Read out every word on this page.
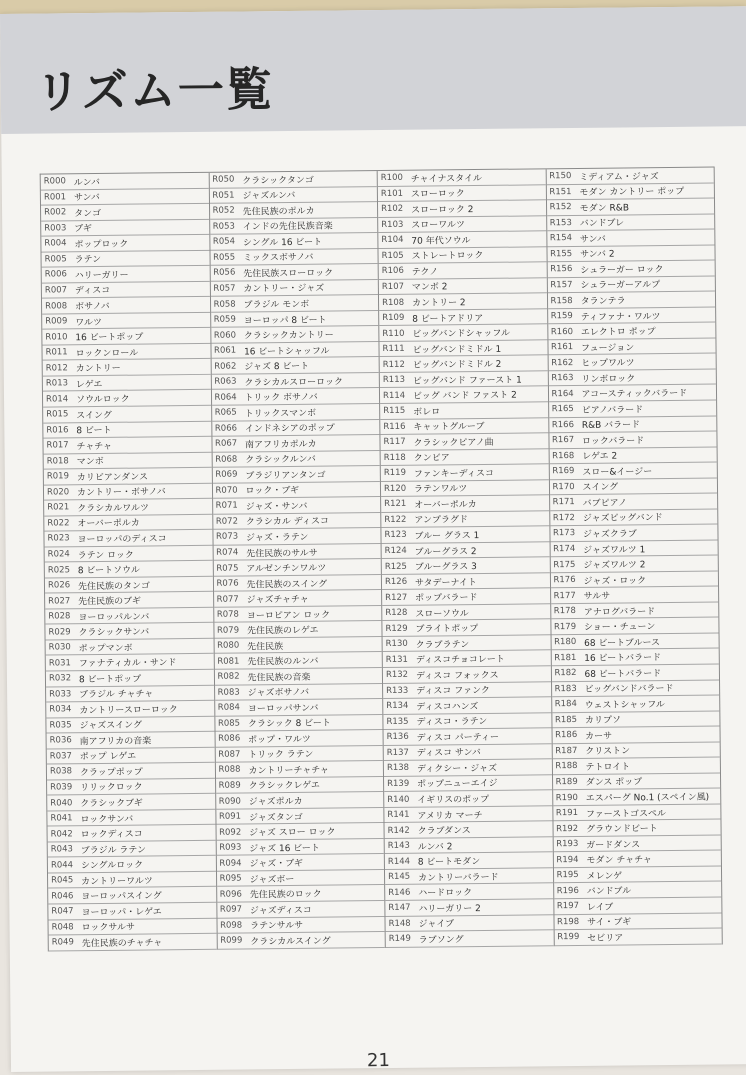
リズム一覧
R000 ルンバ
R001 サンバ
R002 タンゴ
R003 ブギ
R004 ポップロック
R005 ラテン
R006 ハリーガリー
R007 ディスコ
R008 ボサノバ
R009 ワルツ
R010 16 ビートポップ
R011 ロックンロール
R012 カントリー
R013 レゲエ
R014 ソウルロック
R015 スイング
R016 8 ビート
R017 チャチャ
R018 マンボ
R019 カリビアンダンス
R020 カントリー・ボサノバ
R021 クラシカルワルツ
R022 オーバーポルカ
R023 ヨーロッパのディスコ
R024 ラテン ロック
R025 8 ビートソウル
R026 先住民族のタンゴ
R027 先住民族のブギ
R028 ヨーロッパルンバ
R029 クラシックサンバ
R030 ポップマンボ
R031 ファナティカル・サンド
R032 8 ビートポップ
R033 ブラジル チャチャ
R034 カントリースローロック
R035 ジャズスイング
R036 南アフリカの音楽
R037 ポップ レゲエ
R038 クラップポップ
R039 リリックロック
R040 クラシックブギ
R041 ロックサンバ
R042 ロックディスコ
R043 ブラジル ラテン
R044 シングルロック
R045 カントリーワルツ
R046 ヨーロッパスイング
R047 ヨーロッパ・レゲエ
R048 ロックサルサ
R049 先住民族のチャチャ
R050 クラシックタンゴ
R051 ジャズルンバ
R052 先住民族のポルカ
R053 インドの先住民族音楽
R054 シングル 16 ビート
R055 ミックスボサノバ
R056 先住民族スローロック
R057 カントリー・ジャズ
R058 ブラジル モンボ
R059 ヨーロッパ 8 ビート
R060 クラシックカントリー
R061 16 ビートシャッフル
R062 ジャズ 8 ビート
R063 クラシカルスローロック
R064 トリック ボサノバ
R065 トリックスマンボ
R066 インドネシアのポップ
R067 南アフリカポルカ
R068 クラシックルンバ
R069 ブラジリアンタンゴ
R070 ロック・ブギ
R071 ジャズ・サンバ
R072 クラシカル ディスコ
R073 ジャズ・ラテン
R074 先住民族のサルサ
R075 アルゼンチンワルツ
R076 先住民族のスイング
R077 ジャズチャチャ
R078 ヨーロピアン ロック
R079 先住民族のレゲエ
R080 先住民族
R081 先住民族のルンバ
R082 先住民族の音楽
R083 ジャズボサノバ
R084 ヨーロッパサンバ
R085 クラシック 8 ビート
R086 ポップ・ワルツ
R087 トリック ラテン
R088 カントリーチャチャ
R089 クラシックレゲエ
R090 ジャズポルカ
R091 ジャズタンゴ
R092 ジャズ スロー ロック
R093 ジャズ 16 ビート
R094 ジャズ・ブギ
R095 ジャズボー
R096 先住民族のロック
R097 ジャズディスコ
R098 ラテンサルサ
R099 クラシカルスイング
R100 チャイナスタイル
R101 スローロック
R102 スローロック 2
R103 スローワルツ
R104 70 年代ソウル
R105 ストレートロック
R106 テクノ
R107 マンボ 2
R108 カントリー 2
R109 8 ビートアドリア
R110 ビッグバンドシャッフル
R111 ビッグバンドミドル 1
R112 ビッグバンドミドル 2
R113 ビッグバンド ファースト 1
R114 ビッグ バンド ファスト 2
R115 ボレロ
R116 キャットグルーブ
R117 クラシックピアノ曲
R118 クンビア
R119 ファンキーディスコ
R120 ラテンワルツ
R121 オーバーポルカ
R122 アンプラグド
R123 ブルー グラス 1
R124 ブルーグラス 2
R125 ブルーグラス 3
R126 サタデーナイト
R127 ポップバラード
R128 スローソウル
R129 ブライトポップ
R130 クラブラテン
R131 ディスコチョコレート
R132 ディスコ フォックス
R133 ディスコ ファンク
R134 ディスコハンズ
R135 ディスコ・ラテン
R136 ディスコ パーティー
R137 ディスコ サンバ
R138 ディクシー・ジャズ
R139 ポップニューエイジ
R140 イギリスのポップ
R141 アメリカ マーチ
R142 クラブダンス
R143 ルンバ 2
R144 8 ビートモダン
R145 カントリーバラード
R146 ハードロック
R147 ハリーガリー 2
R148 ジャイブ
R149 ラブソング
R150 ミディアム・ジャズ
R151 モダン カントリー ポップ
R152 モダン R&B
R153 バンドブレ
R154 サンバ
R155 サンバ 2
R156 シュラーガー ロック
R157 シュラーガーアルプ
R158 タランテラ
R159 ティファナ・ワルツ
R160 エレクトロ ポップ
R161 フュージョン
R162 ヒップワルツ
R163 リンボロック
R164 アコースティックバラード
R165 ピアノバラード
R166 R&B バラード
R167 ロックバラード
R168 レゲエ 2
R169 スロー&イージー
R170 スイング
R171 バブピアノ
R172 ジャズビッグバンド
R173 ジャズクラブ
R174 ジャズワルツ 1
R175 ジャズワルツ 2
R176 ジャズ・ロック
R177 サルサ
R178 アナログバラード
R179 ショー・チューン
R180 68 ビートブルース
R181 16 ビートバラード
R182 68 ビートバラード
R183 ビッグバンドバラード
R184 ウェストシャッフル
R185 カリプソ
R186 カーサ
R187 クリストン
R188 テトロイト
R189 ダンス ポップ
R190 エスパーグ No.1 (スペイン風)
R191 ファーストゴスペル
R192 グラウンドビート
R193 ガードダンス
R194 モダン チャチャ
R195 メレンゲ
R196 バンドブル
R197 レイブ
R198 サイ・ブギ
R199 セビリア
21
